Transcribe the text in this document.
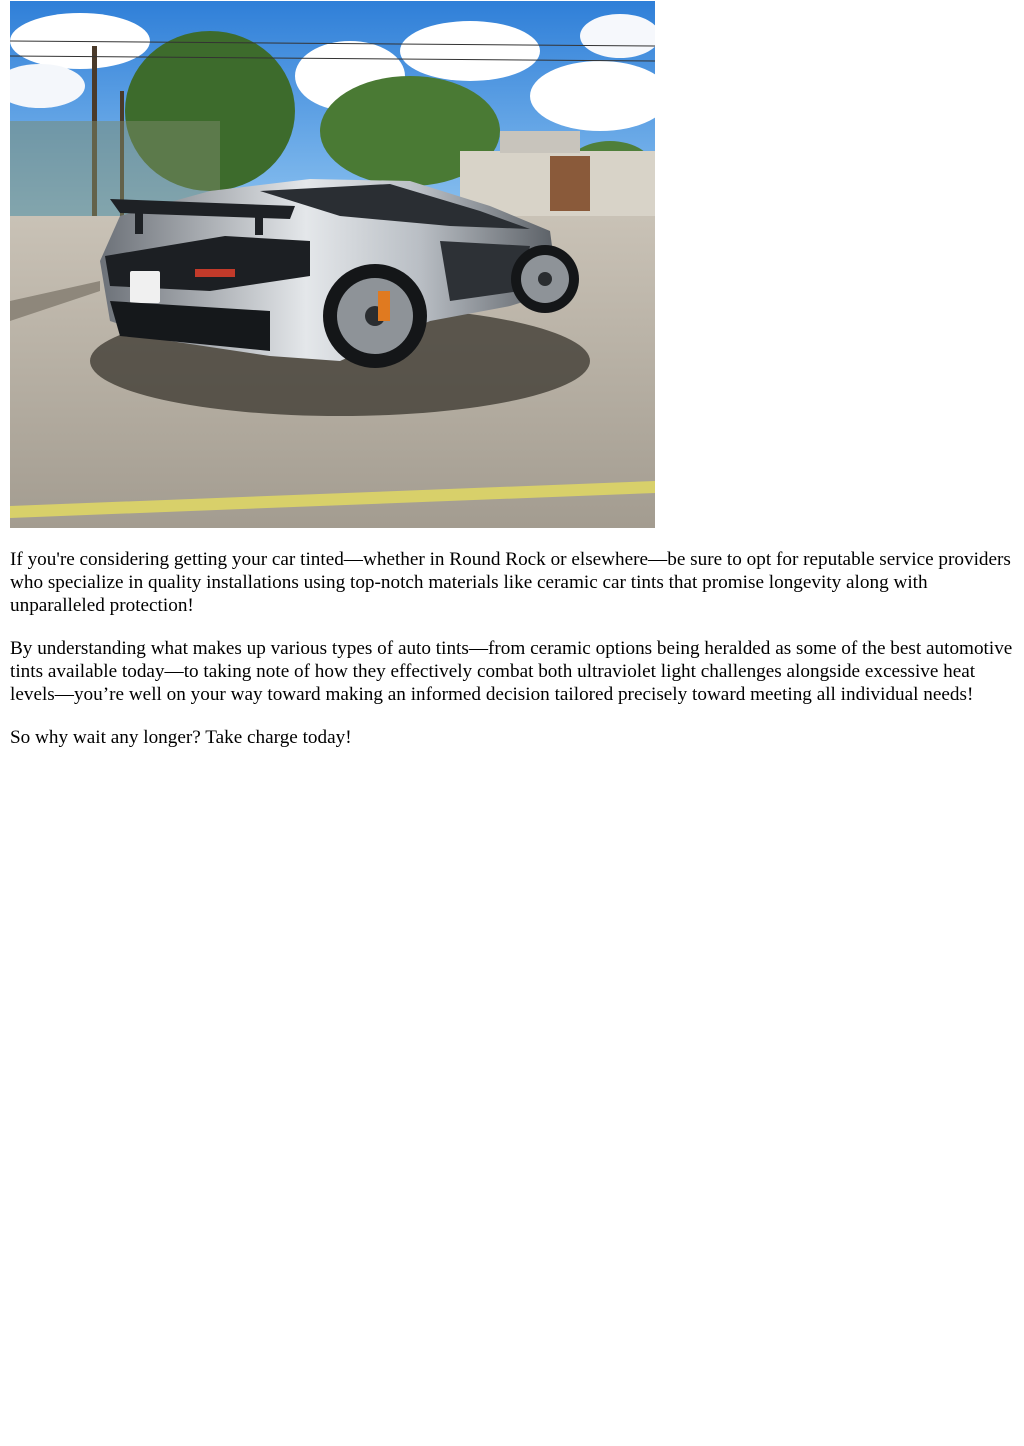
If you're considering getting your car tinted—whether in Round Rock or elsewhere—be sure to opt for reputable service providers who specialize in quality installations using top-notch materials like ceramic car tints that promise longevity along with unparalleled protection!

By understanding what makes up various types of auto tints—from ceramic options being heralded as some of the best automotive tints available today—to taking note of how they effectively combat both ultraviolet light challenges alongside excessive heat levels—you’re well on your way toward making an informed decision tailored precisely toward meeting all individual needs!

So why wait any longer? Take charge today!
